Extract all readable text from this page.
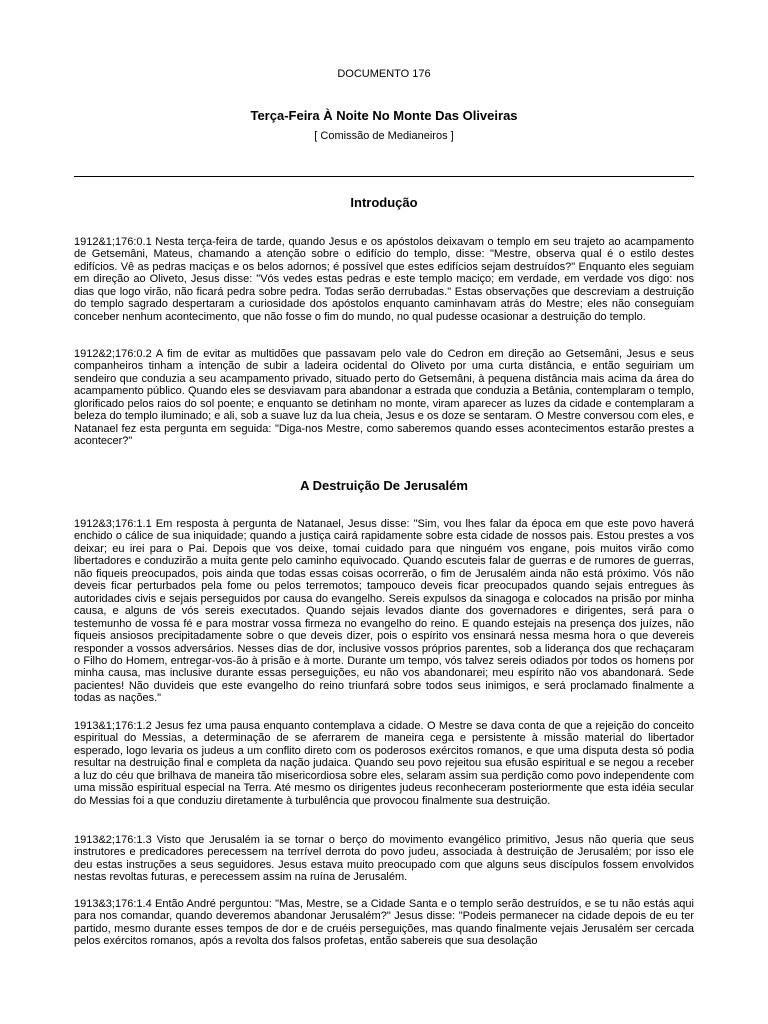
DOCUMENTO 176
Terça-Feira À Noite No Monte Das Oliveiras
[ Comissão de Medianeiros ]
Introdução

1912&1;176:0.1 Nesta terça-feira de tarde, quando Jesus e os apóstolos deixavam o templo em seu trajeto ao acampamento de Getsemâni, Mateus, chamando a atenção sobre o edifício do templo, disse: "Mestre, observa qual é o estilo destes edifícios. Vê as pedras maciças e os belos adornos; é possível que estes edifícios sejam destruídos?" Enquanto eles seguiam em direção ao Oliveto, Jesus disse: "Vós vedes estas pedras e este templo maciço; em verdade, em verdade vos digo: nos dias que logo virão, não ficará pedra sobre pedra. Todas serão derrubadas." Estas observações que descreviam a destruição do templo sagrado despertaram a curiosidade dos apóstolos enquanto caminhavam atrás do Mestre; eles não conseguiam conceber nenhum acontecimento, que não fosse o fim do mundo, no qual pudesse ocasionar a destruição do templo.

1912&2;176:0.2 A fim de evitar as multidões que passavam pelo vale do Cedron em direção ao Getsemâni, Jesus e seus companheiros tinham a intenção de subir a ladeira ocidental do Oliveto por uma curta distância, e então seguiriam um sendeiro que conduzia a seu acampamento privado, situado perto do Getsemâni, à pequena distância mais acima da área do acampamento público. Quando eles se desviavam para abandonar a estrada que conduzia a Betânia, contemplaram o templo, glorificado pelos raios do sol poente; e enquanto se detinham no monte, viram aparecer as luzes da cidade e contemplaram a beleza do templo iluminado; e ali, sob a suave luz da lua cheia, Jesus e os doze se sentaram. O Mestre conversou com eles, e Natanael fez esta pergunta em seguida: "Diga-nos Mestre, como saberemos quando esses acontecimentos estarão prestes a acontecer?"

A Destruição De Jerusalém

1912&3;176:1.1 Em resposta à pergunta de Natanael, Jesus disse: "Sim, vou lhes falar da época em que este povo haverá enchido o cálice de sua iniquidade; quando a justiça cairá rapidamente sobre esta cidade de nossos pais. Estou prestes a vos deixar; eu irei para o Pai. Depois que vos deixe, tomai cuidado para que ninguém vos engane, pois muitos virão como libertadores e conduzirão a muita gente pelo caminho equivocado. Quando escuteis falar de guerras e de rumores de guerras, não fiqueis preocupados, pois ainda que todas essas coisas ocorrerão, o fim de Jerusalém ainda não está próximo. Vós não deveis ficar perturbados pela fome ou pelos terremotos; tampouco deveis ficar preocupados quando sejais entregues às autoridades civis e sejais perseguidos por causa do evangelho. Sereis expulsos da sinagoga e colocados na prisão por minha causa, e alguns de vós sereis executados. Quando sejais levados diante dos governadores e dirigentes, será para o testemunho de vossa fé e para mostrar vossa firmeza no evangelho do reino. E quando estejais na presença dos juízes, não fiqueis ansiosos precipitadamente sobre o que deveis dizer, pois o espírito vos ensinará nessa mesma hora o que devereis responder a vossos adversários. Nesses dias de dor, inclusive vossos próprios parentes, sob a liderança dos que rechaçaram o Filho do Homem, entregar-vos-ão à prisão e à morte. Durante um tempo, vós talvez sereis odiados por todos os homens por minha causa, mas inclusive durante essas perseguições, eu não vos abandonarei; meu espírito não vos abandonará. Sede pacientes! Não duvideis que este evangelho do reino triunfará sobre todos seus inimigos, e será proclamado finalmente a todas as nações."

1913&1;176:1.2 Jesus fez uma pausa enquanto contemplava a cidade. O Mestre se dava conta de que a rejeição do conceito espiritual do Messias, a determinação de se aferrarem de maneira cega e persistente à missão material do libertador esperado, logo levaria os judeus a um conflito direto com os poderosos exércitos romanos, e que uma disputa desta só podia resultar na destruição final e completa da nação judaica. Quando seu povo rejeitou sua efusão espiritual e se negou a receber a luz do céu que brilhava de maneira tão misericordiosa sobre eles, selaram assim sua perdição como povo independente com uma missão espiritual especial na Terra. Até mesmo os dirigentes judeus reconheceram posteriormente que esta idéia secular do Messias foi a que conduziu diretamente à turbulência que provocou finalmente sua destruição.

1913&2;176:1.3 Visto que Jerusalém ia se tornar o berço do movimento evangélico primitivo, Jesus não queria que seus instrutores e predicadores perecessem na terrível derrota do povo judeu, associada à destruição de Jerusalém; por isso ele deu estas instruções a seus seguidores. Jesus estava muito preocupado com que alguns seus discípulos fossem envolvidos nestas revoltas futuras, e perecessem assim na ruína de Jerusalém.

1913&3;176:1.4 Então André perguntou: "Mas, Mestre, se a Cidade Santa e o templo serão destruídos, e se tu não estás aqui para nos comandar, quando deveremos abandonar Jerusalém?" Jesus disse: "Podeis permanecer na cidade depois de eu ter partido, mesmo durante esses tempos de dor e de cruéis perseguições, mas quando finalmente vejais Jerusalém ser cercada pelos exércitos romanos, após a revolta dos falsos profetas, então sabereis que sua desolação
